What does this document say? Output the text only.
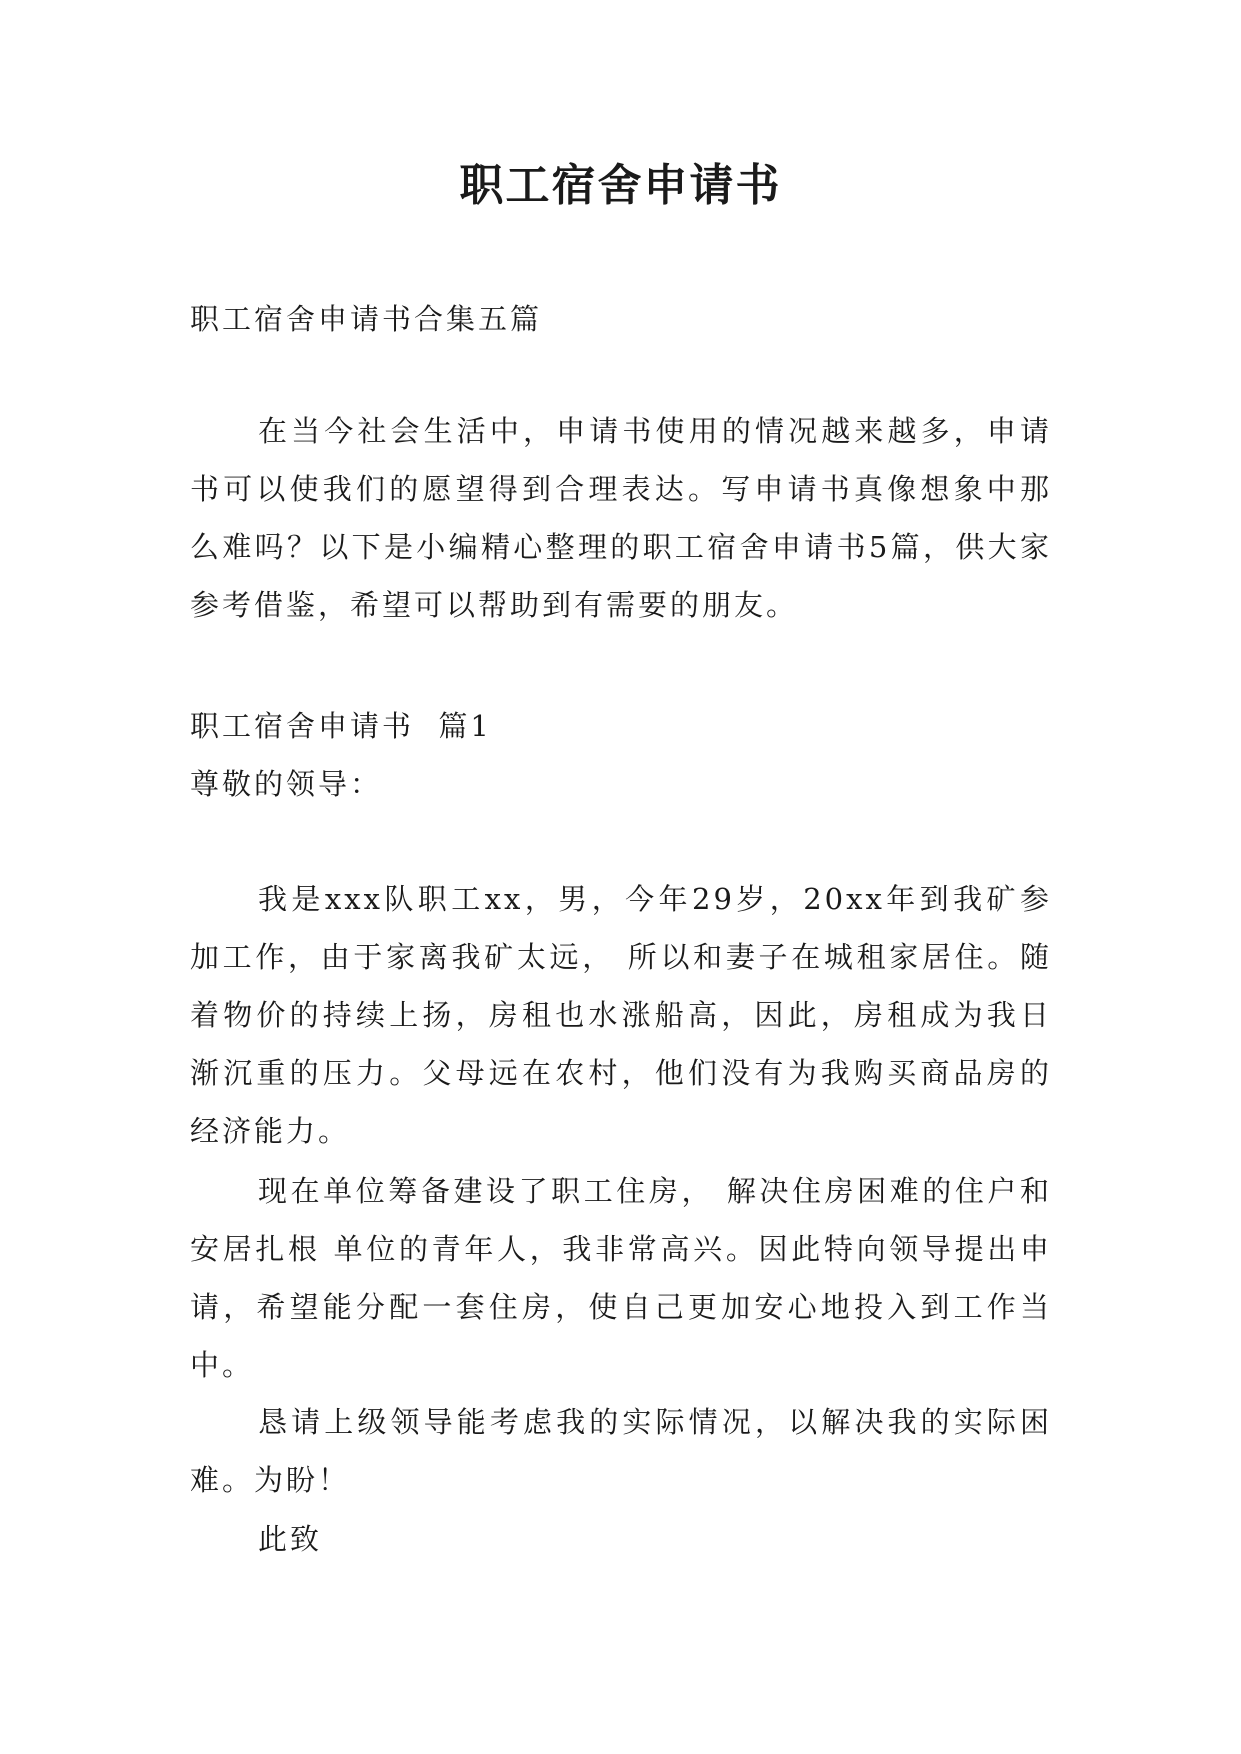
职工宿舍申请书

职工宿舍申请书合集五篇

在当今社会生活中，申请书使用的情况越来越多，申请书可以使我们的愿望得到合理表达。写申请书真像想象中那么难吗？以下是小编精心整理的职工宿舍申请书5篇，供大家参考借鉴，希望可以帮助到有需要的朋友。

职工宿舍申请书  篇1

尊敬的领导：

我是xxx队职工xx，男，今年29岁，20xx年到我矿参加工作，由于家离我矿太远， 所以和妻子在城租家居住。随着物价的持续上扬，房租也水涨船高，因此，房租成为我日渐沉重的压力。父母远在农村，他们没有为我购买商品房的经济能力。

现在单位筹备建设了职工住房， 解决住房困难的住户和安居扎根 单位的青年人，我非常高兴。因此特向领导提出申请，希望能分配一套住房，使自己更加安心地投入到工作当中。

恳请上级领导能考虑我的实际情况，以解决我的实际困难。为盼！

此致
